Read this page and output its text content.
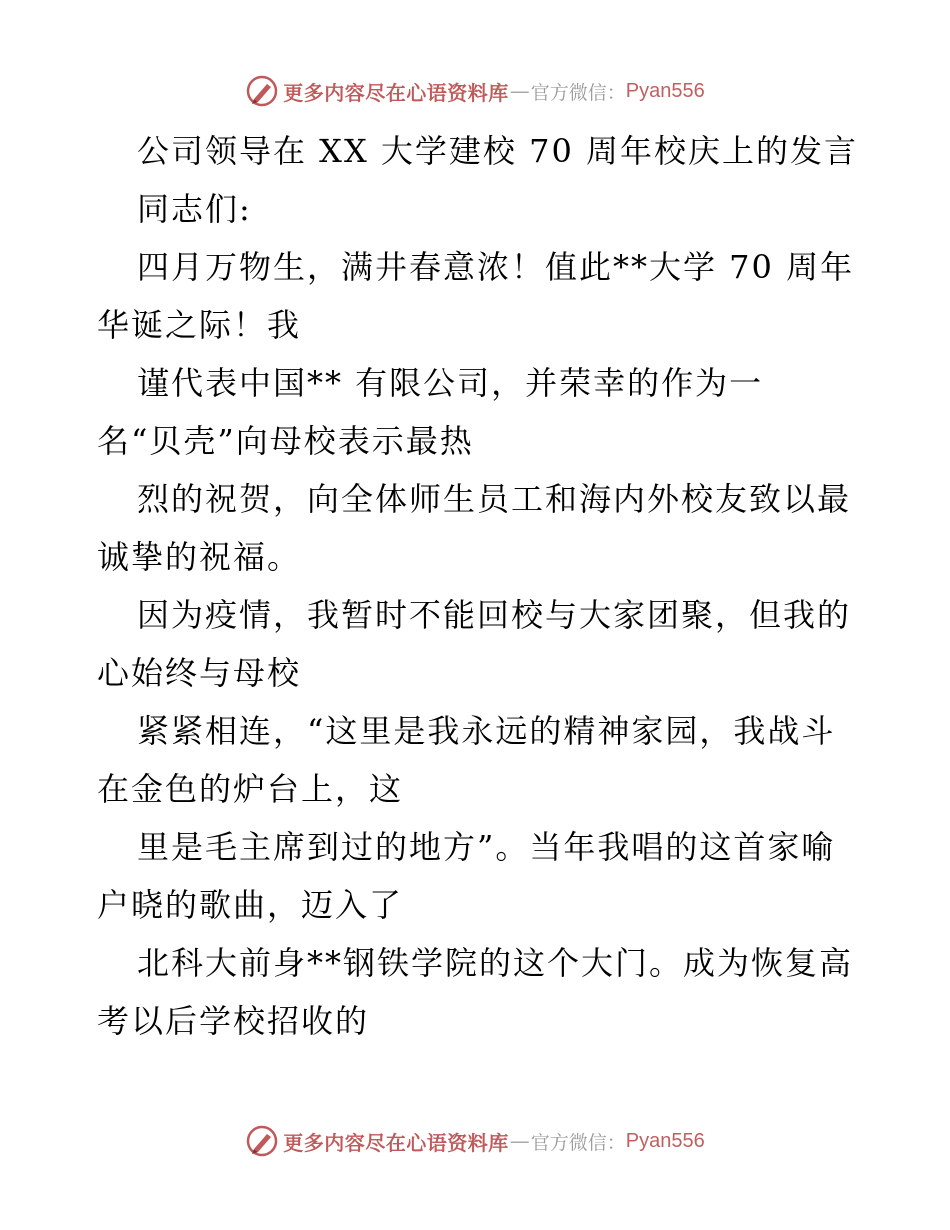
更多内容尽在心语资料库 — 官方微信： Pyan556
公司领导在 XX 大学建校 70 周年校庆上的发言
同志们:
四月万物生，满井春意浓！值此**大学 70 周年
华诞之际！我
谨代表中国** 有限公司，并荣幸的作为一
名“贝壳”向母校表示最热
烈的祝贺，向全体师生员工和海内外校友致以最
诚挚的祝福。
因为疫情，我暂时不能回校与大家团聚，但我的
心始终与母校
紧紧相连，“这里是我永远的精神家园，我战斗
在金色的炉台上，这
里是毛主席到过的地方”。当年我唱的这首家喻
户晓的歌曲，迈入了
北科大前身**钢铁学院的这个大门。成为恢复高
考以后学校招收的
更多内容尽在心语资料库 — 官方微信： Pyan556
